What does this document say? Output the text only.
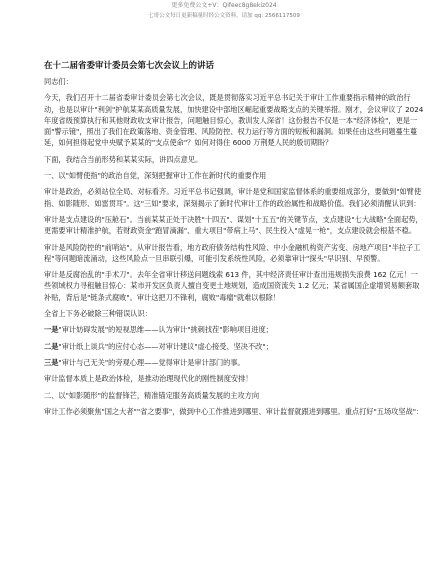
更多免费公文+V：Qifeec8g8ekiz024
七哥公文每日更新稿量时经公文资料，请加 qq: 2566117509
在十二届省委审计委员会第七次会议上的讲话
同志们：
今天，我们召开十二届省委审计委员会第七次会议，既是贯彻落实习近平总书记关于审计工作重要指示精神的政治行动，也是以审计"利剑"护航某某高质量发展，加快建设中部地区崛起重要战略支点的关键举措。刚才，会议审议了 2024 年度省级预算执行和其他财政收支审计报告，问题触目惊心，教训发人深省！这份报告不仅是一本"经济体检"，更是一面"警示镜"，照出了我们在政策落地、资金管理、风险防控、权力运行等方面的短板和漏洞。如果任由这些问题蔓生蔓延，如何担得起党中央赋予某某的"支点使命"？如何对得住 6000 万荆楚人民的殷切期盼？
下面，我结合当前形势和某某实际，讲四点意见。
一、以"如臂使指"的政治自觉，深刻把握审计工作在新时代的重要作用
审计是政治，必须站位全局、对标看齐。习近平总书记强调，审计是党和国家监督体系的重要组成部分，要做到"如臂使指、如影随形、如雷贯耳"。这"三如"要求，深刻揭示了新时代审计工作的政治属性和战略价值。我们必须清醒认识到：
审计是支点建设的"压舱石"。当前某某正处于决胜"十四五"、谋划"十五五"的关键节点，支点建设"七大战略"全面起势，更需要审计精准护航，若财政资金"跑冒滴漏"、重大项目"带病上马"、民生投入"虚晃一枪"，支点建设就会根基不稳。
审计是风险防控的"前哨站"。从审计报告看，地方政府债务结构性风险、中小金融机构资产劣变、房地产项目"半拉子工程"等问题暗流涌动，这些风险点一旦串联引爆，可能引发系统性风险，必须靠审计"探头"早识别、早预警。
审计是反腐治乱的"手术刀"。去年全省审计移送问题线索 613 件，其中经济责任审计查出违规损失浪费 162 亿元！一些领域权力寻租触目惊心：某市开发区负责人擅自变更土地规划，造成国资流失 1.2 亿元；某省属国企虚增贸易额套取补贴，背后是"链条式腐败"。审计这把刀不锋利，腐败"毒瘤"就难以根除！
全省上下务必破除三种错误认识：
一是"审计妨碍发展"的短视思维——认为审计"挑刺找茬"影响项目进度；
二是"审计纸上谈兵"的应付心态——对审计建议"虚心接受、坚决不改"；
三是"审计与己无关"的旁观心理——觉得审计是审计部门的事。
审计监督本质上是政治体检，是推动治理现代化的刚性制度安排！
二、以"如影随形"的监督锋芒，精准锚定服务高质量发展的主攻方向
审计工作必须聚焦"国之大者""省之要事"，做到中心工作推进到哪里、审计监督就跟进到哪里。重点打好"五场攻坚战"：
